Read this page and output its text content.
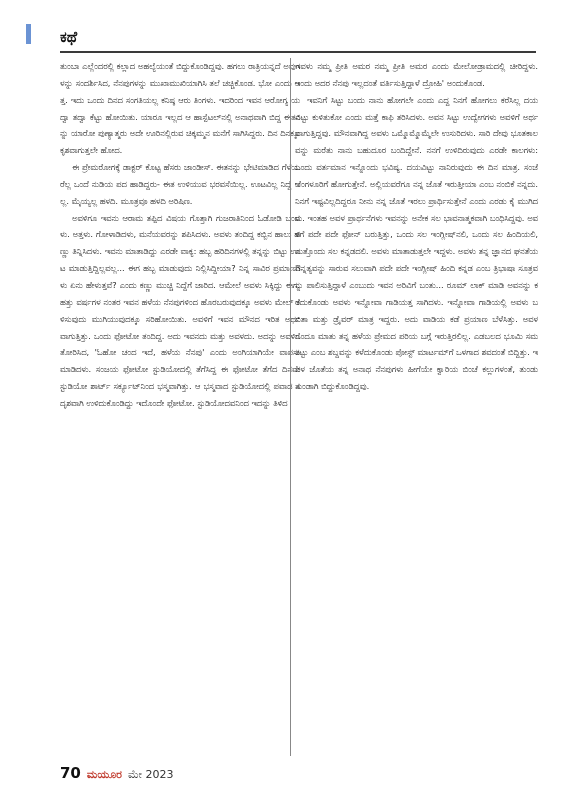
ಕಥೆ

ತುಂಬಾ ಎಲ್ಲೆಂದರಲ್ಲಿ ಕಲ್ಲಾದ ಅಹಲ್ಯೆಯಂತೆ ಬಿದ್ದುಕೊಂಡಿದ್ದವು. ಹಗಲು ರಾತ್ರಿಯನ್ನದೆ ಅವುಗಳನ್ನು ಸಂದರ್ಶಿಸಿದ, ನೆನಪುಗಳನ್ನು ಮುಖಾಮುಖಿಯಾಗಿಸಿ ತಲೆ ಚಚ್ಚಿಕೊಂಡ. ಭೋ ಎಂದು ಅತ್ತ. ಇದು ಒಂದು ದಿನದ ಸಂಗತಿಯಲ್ಲ ಕನಿಷ್ಠ ಆರು ತಿಂಗಳು. ಇದರಿಂದ ಇವನ ಆರೋಗ್ಯ ಯದ್ವಾ ತದ್ವಾ ಕೆಟ್ಟು ಹೋಯಿತು. ಯಾರೂ ಇಲ್ಲದ ಆ ಹಾಸ್ಪೆಟಲ್‌ನಲ್ಲಿ ಅನಾಥವಾಗಿ ಬಿದ್ದ ಈತನನ್ನು ಯಾರೋ ಪುಣ್ಯಾತ್ಮರು ಅದೇ ಊರಿನಲ್ಲಿರುವ ಚಿಕ್ಕಮ್ಮನ ಮನೆಗೆ ಸಾಗಿಸಿದ್ದರು. ದಿನ ದಿನಕ್ಕೂ ಕೃಶವಾಗುತ್ತಲೇ ಹೋದ.

ಈ ಪ್ರೇಮರೋಗಕ್ಕೆ ಡಾಕ್ಟರ್ ಕೊಟ್ಟ ಹೆಸರು ಜಾಂಡೀಸ್. ಈತನನ್ನು ಭೇಟಿಮಾಡಿದ ಗೆಳೆಯರೆಲ್ಲ ಒಂದೆ ನುಡಿಯ ಪದ ಹಾಡಿದ್ದರು- ಈತ ಉಳಿಯುವ ಭರವಸೆಯಿಲ್ಲ. ಊಟವಿಲ್ಲ ನಿದ್ದೆ ಇಲ್ಲ. ಮೈಯ್ಯಲ್ಲ ಹಳದಿ. ಮೂತ್ರವೂ ಹಳದಿ ಅರಿಷಿಣ.

ಅವಳಿಗೂ ಇವನು ಆರಾಮ ತಪ್ಪಿದ ವಿಷಯ ಗೊತ್ತಾಗಿ ಗುಜರಾತಿನಿಂದ ಓಡೋಡಿ ಬಂದಳು. ಅತ್ತಳು. ಗೋಳಾಡಿದಳು, ಮನೆಯವರನ್ನು ಶಪಿಸಿದಳು. ಅವಳು ತಂದಿದ್ದ ಕಬ್ಬಿನ ಹಾಲು ಹಣ್ಣು ತಿನ್ನಿಸಿದಳು. ಇವನು ಮಾತಾಡಿದ್ದು ಎರಡೇ ವಾಕ್ಯ: ಹಬ್ಬ ಹರಿದಿನಗಳಲ್ಲಿ ತನ್ನನ್ನು ಬಿಟ್ಟು ಊಟ ಮಾಡುತ್ತಿದ್ದಿಲ್ಲವಲ್ಲ... ಈಗ ಹಬ್ಬ ಮಾಡುವುದು ನಿಲ್ಲಿಸಿದ್ದೀಯಾ? ನಿನ್ನ ಸಾವಿರ ಪ್ರಮಾಣಗಳು ಏನು ಹೇಳುತ್ತವೆ? ಎಂದು ಕಣ್ಣು ಮುಚ್ಚಿ ನಿದ್ದೆಗೆ ಜಾರಿದ. ಆಮೇಲೆ ಅವಳು ಸಿಕ್ಕಿದ್ದು ಈಗ. ಹತ್ತು ವರ್ಷಗಳ ನಂತರ ಇವನ ಹಳೆಯ ನೆನಪುಗಳಿಂದ ಹೊರಬರುವುದಕ್ಕೂ ಅವಳು ಮೇಲ್ ಕಳಿಸುವುದು ಮುಗಿಯುವುದಕ್ಕೂ ಸರಿಹೋಯಿತು. ಅವಳಿಗೆ ಇವನ ಮೌನದ ಇರಿತ ಅರ್ಥವಾಗುತ್ತಿತ್ತು. ಒಂದು ಫೋಟೋ ತಂದಿದ್ದ. ಅದು ಇವನದು ಮತ್ತು ಅವಳದು. ಅದನ್ನು ಅವಳಿಗೆ ತೋರಿಸಿದ, 'ಓಹೋ ಚಂದ ಇದೆ, ಹಳೆಯ ನೆನಪು' ಎಂದು ಅಂಗಿಯಾಗಿಯೇ ವಾಪಸು ಮಾಡಿದಳು. ಸಂಜಯ ಫೋಟೋ ಸ್ಟುಡಿಯೋದಲ್ಲಿ ತೆಗೆಸಿದ್ದ ಈ ಫೋಟೋ ತೆಗೆದ ದಿನವೇ ಸ್ಟುಡಿಯೋ ಶಾರ್ಟ್ ಸರ್ಕ್ಯೂಟ್‌ನಿಂದ ಭಸ್ಮವಾಗಿತ್ತು. ಆ ಭಸ್ಮವಾದ ಸ್ಟುಡಿಯೋದಲ್ಲಿ ಪವಾಡ ಸದೃಶವಾಗಿ ಉಳಿದುಕೊಂಡಿದ್ದು ಇದೊಂದೇ ಫೋಟೋ. ಸ್ಟುಡಿಯೋದವನಿಂದ ಇದನ್ನು ತಿಳಿದ

ಇವಳು ನಮ್ಮ ಪ್ರೀತಿ ಅಮರ ನಮ್ಮ ಪ್ರೀತಿ ಅಮರ ಎಂದು ಮೇಲೋಡ್ರಾಮದಲ್ಲಿ ಚೀರಿದ್ದಳು. ಇಂದು ಅದರ ನೆನಪು ಇಲ್ಲದಂತೆ ವರ್ತಿಸುತ್ತಿದ್ದಾಳೆ ದ್ರೋಹಿ' ಅಂದುಕೊಂಡ.

ಇವನಿಗೆ ಸಿಟ್ಟು ಬಂದು ನಾನು ಹೋಗಲೇ ಎಂದು ಎದ್ದ ನಿನಗೆ ಹೋಗಲು ಕರೆಸಿಲ್ಲ ದಯವಿಟ್ಟು ಕುಳಿತುಕೋ ಎಂದು ಮತ್ತೆ ಕಾಫಿ ತರಿಸಿದಳು. ಅವನ ಸಿಟ್ಟು ಉದ್ವೇಗಗಳು ಅವಳಿಗೆ ಅರ್ಥವಾಗುತ್ತಿದ್ದವು. ಮೌನವಾಗಿದ್ದ ಅವಳು ಒಮ್ಮೊಮ್ಮೊಮ್ಮೆಲೇ ಉಸುರಿದಳು. ಸಾರಿ ದೇವು ಭೂತಕಾಲವನ್ನು ಮರೆತು ನಾನು ಬಹುದೂರ ಬಂದಿದ್ದೇನೆ. ನನಗೆ ಉಳಿದಿರುವುದು ಎರಡೇ ಕಾಲಗಳು: ಒಂದು ವರ್ತಮಾನ ಇನ್ನೊಂದು ಭವಿಷ್ಯ. ದಯವಿಟ್ಟು ನಾನಿರುವುದು ಈ ದಿನ ಮಾತ್ರ. ಸಂಜೆ ಬೆಂಗಳೂರಿಗೆ ಹೋಗುತ್ತೇನೆ. ಅಲ್ಲಿಯವರೆಗೂ ನನ್ನ ಜೊತೆ ಇರುತ್ತೀಯಾ ಎಂಬ ನಂಬಿಕೆ ನನ್ನದು. ನಿನಗೆ ಇಷ್ಟವಿಲ್ಲದಿದ್ದರೂ ನೀನು ನನ್ನ ಜೊತೆ ಇರಲು ಪ್ರಾರ್ಥಿಸುತ್ತೇನೆ ಎಂದು ಎರಡು ಕೈ ಮುಗಿದಳು. ಇಂತಹ ಅವಳ ಪ್ರಾರ್ಥನೆಗಳು ಇವನನ್ನು ಅನೇಕ ಸಲ ಭಾವನಾತ್ಮಕವಾಗಿ ಬಂಧಿಸಿದ್ದವು. ಅವಳಿಗೆ ಪದೇ ಪದೇ ಫೋನ್ ಬರುತ್ತಿತ್ತು, ಒಂದು ಸಲ ಇಂಗ್ಲೀಷ್‌ನಲಿ, ಒಂದು ಸಲ ಹಿಂದಿಯಲಿ, ಮತ್ತೊಂದು ಸಲ ಕನ್ನಡದಲಿ. ಅವಳು ಮಾತಾಡುತ್ತಲೇ ಇದ್ದಳು. ಅವಳು ತನ್ನ ಜ್ಞಾನದ ಘನತೆಯ ಔನ್ನತ್ಯವನ್ನು ಸಾರುವ ಸಲುವಾಗಿ ಪದೇ ಪದೇ ಇಂಗ್ಲೀಷ್ ಹಿಂದಿ ಕನ್ನಡ ಎಂಬ ತ್ರಿಭಾಷಾ ಸೂತ್ರವನ್ನು ಪಾಲಿಸುತ್ತಿದ್ದಾಳೆ ಎಂಬುದು ಇವನ ಅರಿವಿಗೆ ಬಂತು... ರೂಮ್ ಲಾಕ್ ಮಾಡಿ ಅವನನ್ನು ಕರೆದುಕೊಂಡು ಅವಳು ಇನ್ನೋವಾ ಗಾಡಿಯತ್ತ ಸಾಗಿದಳು. ಇನ್ನೋವಾ ಗಾಡಿಯಲ್ಲಿ ಅವಳು ಬಬಿತಾ ಮತ್ತು ಡ್ರೈವರ್ ಮಾತ್ರ ಇದ್ದರು. ಅದು ವಾಡಿಯ ಕಡೆ ಪ್ರಯಾಣ ಬೆಳೆಸಿತ್ತು. ಅವಳ ಒಂದೂ ಮಾತು ತನ್ನ ಹಳೆಯ ಪ್ರೇಮದ ಪರಿಯ ಬಗ್ಗೆ ಇರುತ್ತಿರಲಿಲ್ಲ. ಎಡಬಲದ ಭೂಮಿ ಸಮತಟ್ಟು ಎಂಬ ಶಬ್ದವನ್ನು ಕಳೆದುಕೊಂಡು ಪೋಸ್ಟ್ ಮಾರ್ಟಮ್‌ಗೆ ಒಳಗಾದ ಶವದಂತೆ ಬಿದ್ದಿತ್ತು. ಇವಳ ಜೊತೆಯ ತನ್ನ ಅನಾಥ ನೆನಪುಗಳು ಹೀಗೆಯೇ ಕ್ವಾರಿಯ ಬಿಂಚೆ ಕಲ್ಲುಗಳಂತೆ, ತುಂಡು ತುಂಡಾಗಿ ಬಿದ್ದುಕೊಂಡಿದ್ದವು.

70 ಮಯೂರ ಮೇ 2023
